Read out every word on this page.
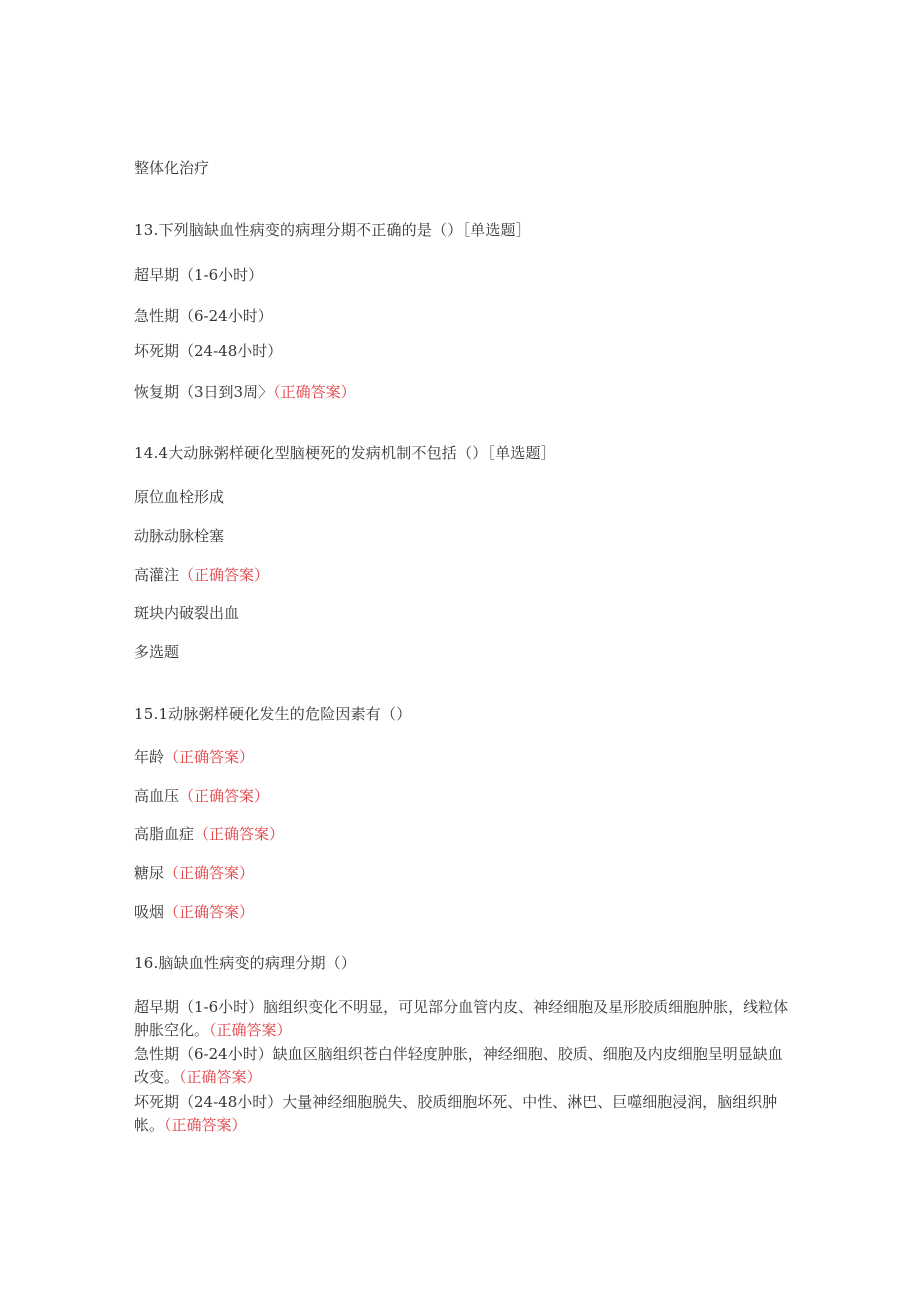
整体化治疗
13.下列脑缺血性病变的病理分期不正确的是（）［单选题］
超早期（1-6小时）
急性期（6-24小时）
坏死期（24-48小时）
恢复期（3日到3周〉（正确答案）
14.4大动脉粥样硬化型脑梗死的发病机制不包括（）［单选题］
原位血栓形成
动脉动脉栓塞
高灌注（正确答案）
斑块内破裂出血
多选题
15.1动脉粥样硬化发生的危险因素有（）
年龄（正确答案）
高血压（正确答案）
高脂血症（正确答案）
糖尿（正确答案）
吸烟（正确答案）
16.脑缺血性病变的病理分期（）
超早期（1-6小时）脑组织变化不明显，可见部分血管内皮、神经细胞及星形胶质细胞肿胀，线粒体肿胀空化。（正确答案）
急性期（6-24小时）缺血区脑组织苍白伴轻度肿胀，神经细胞、胶质、细胞及内皮细胞呈明显缺血改变。（正确答案）
坏死期（24-48小时）大量神经细胞脱失、胶质细胞坏死、中性、淋巴、巨噬细胞浸润，脑组织肿帐。（正确答案）
